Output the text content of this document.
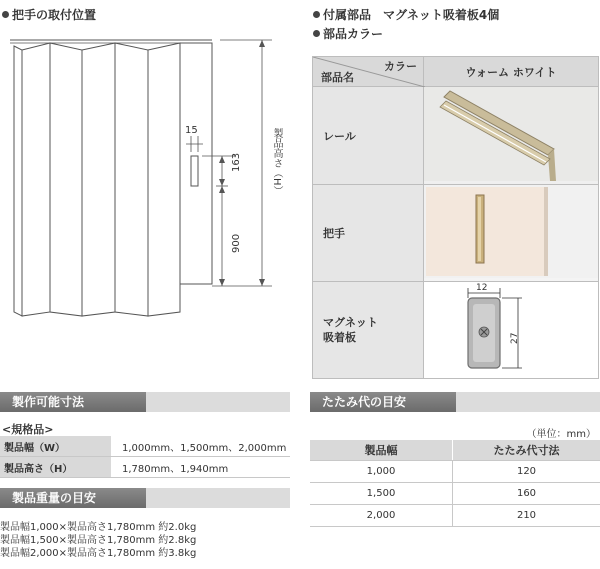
把手の取付位置
15
163
900
製品高さ（H）
付属部品　マグネット吸着板4個
部品カラー
カラー
部品名	ウォーム ホワイト
レール	
把手	
マグネット
吸着板	
12
27
製作可能寸法
<規格品>
製品幅（W）	1,000mm、1,500mm、2,000mm
製品高さ（H）	1,780mm、1,940mm
製品重量の目安
製品幅1,000×製品高さ1,780mm 約2.0kg
製品幅1,500×製品高さ1,780mm 約2.8kg
製品幅2,000×製品高さ1,780mm 約3.8kg
たたみ代の目安
（単位：mm）
製品幅	たたみ代寸法
1,000	120
1,500	160
2,000	210
